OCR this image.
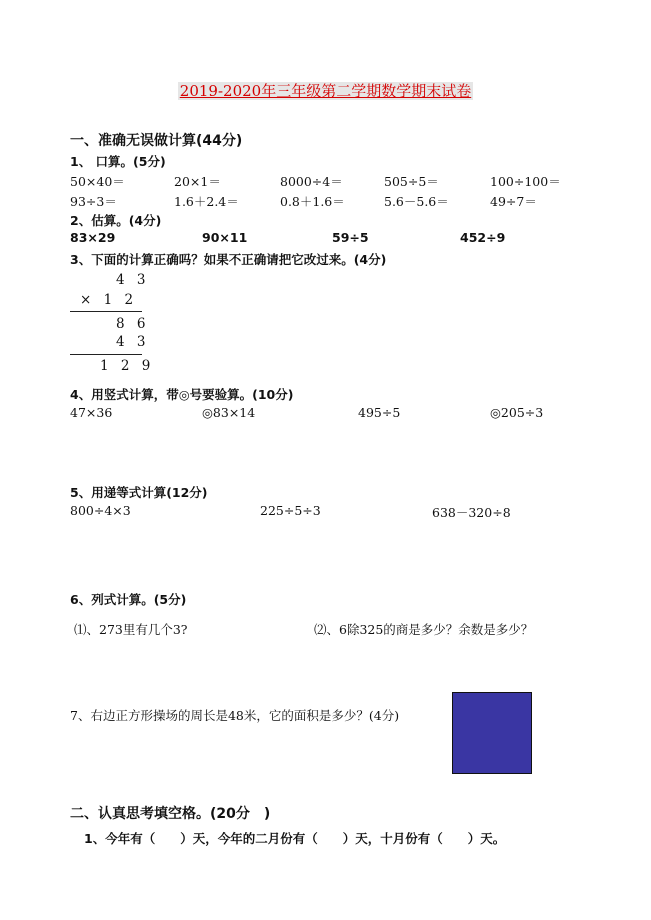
2019-2020年三年级第二学期数学期末试卷
一、准确无误做计算(44分)
1、 口算。(5分)
50×40＝	20×1＝	8000÷4＝	505÷5＝	100÷100＝
93÷3＝	1.6＋2.4＝	0.8＋1.6＝	5.6－5.6＝	49÷7＝
2、估算。(4分)
83×29	90×11	59÷5	452÷9
3、下面的计算正确吗？如果不正确请把它改过来。(4分)
4 3
× 1 2
8 6
4 3
1 2 9
4、用竖式计算，带◎号要验算。(10分)
47×36	◎83×14	495÷5	◎205÷3
5、用递等式计算(12分)
800÷4×3	225÷5÷3	638－320÷8
6、列式计算。(5分)
⑴、273里有几个3?	⑵、6除325的商是多少？余数是多少？
7、右边正方形操场的周长是48米，它的面积是多少？(4分)
二、认真思考填空格。(20分　)
1、今年有（　　）天，今年的二月份有（　　）天，十月份有（　　）天。
